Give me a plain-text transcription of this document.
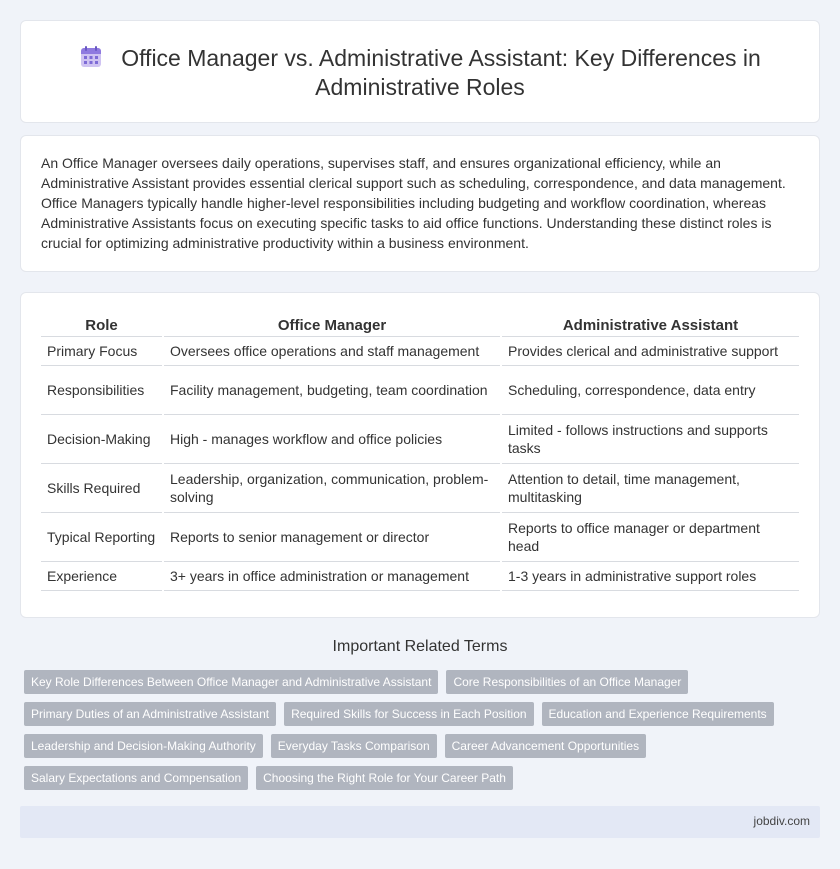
Office Manager vs. Administrative Assistant: Key Differences in
Administrative Roles

An Office Manager oversees daily operations, supervises staff, and ensures organizational efficiency, while an Administrative Assistant provides essential clerical support such as scheduling, correspondence, and data management. Office Managers typically handle higher-level responsibilities including budgeting and workflow coordination, whereas Administrative Assistants focus on executing specific tasks to aid office functions. Understanding these distinct roles is crucial for optimizing administrative productivity within a business environment.

Role	Office Manager	Administrative Assistant
Primary Focus	Oversees office operations and staff management	Provides clerical and administrative support
Responsibilities	Facility management, budgeting, team coordination	Scheduling, correspondence, data entry
Decision-Making	High - manages workflow and office policies	Limited - follows instructions and supports tasks
Skills Required	Leadership, organization, communication, problem-solving	Attention to detail, time management, multitasking
Typical Reporting	Reports to senior management or director	Reports to office manager or department head
Experience	3+ years in office administration or management	1-3 years in administrative support roles
Important Related Terms
Key Role Differences Between Office Manager and Administrative Assistant	Core Responsibilities of an Office Manager
Primary Duties of an Administrative Assistant	Required Skills for Success in Each Position	Education and Experience Requirements
Leadership and Decision-Making Authority	Everyday Tasks Comparison	Career Advancement Opportunities
Salary Expectations and Compensation	Choosing the Right Role for Your Career Path
jobdiv.com
